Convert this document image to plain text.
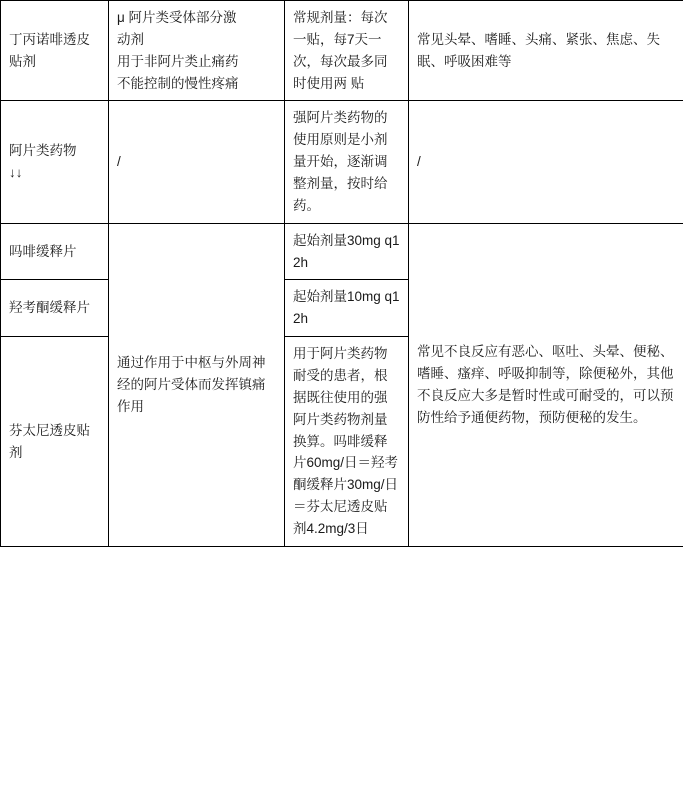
丁丙诺啡透皮贴剂	μ 阿片类受体部分激
动剂
用于非阿片类止痛药
不能控制的慢性疼痛	常规剂量：每次一贴，每7天一次，每次最多同时使用两 贴	常见头晕、嗜睡、头痛、紧张、焦虑、失眠、呼吸困难等

阿片类药物
↓↓	/	强阿片类药物的使用原则是小剂量开始，逐渐调整剂量，按时给药。	/
吗啡缓释片	通过作用于中枢与外周神经的阿片受体而发挥镇痛作用	起始剂量30mg q12h	常见不良反应有恶心、呕吐、头晕、便秘、嗜睡、瘙痒、呼吸抑制等，除便秘外，其他不良反应大多是暂时性或可耐受的，可以预防性给予通便药物，预防便秘的发生。
羟考酮缓释片		起始剂量10mg q12h	
芬太尼透皮贴剂		用于阿片类药物耐受的患者，根据既往使用的强阿片类药物剂量换算。吗啡缓释片60mg/日＝羟考酮缓释片30mg/日＝芬太尼透皮贴剂4.2mg/3日	
